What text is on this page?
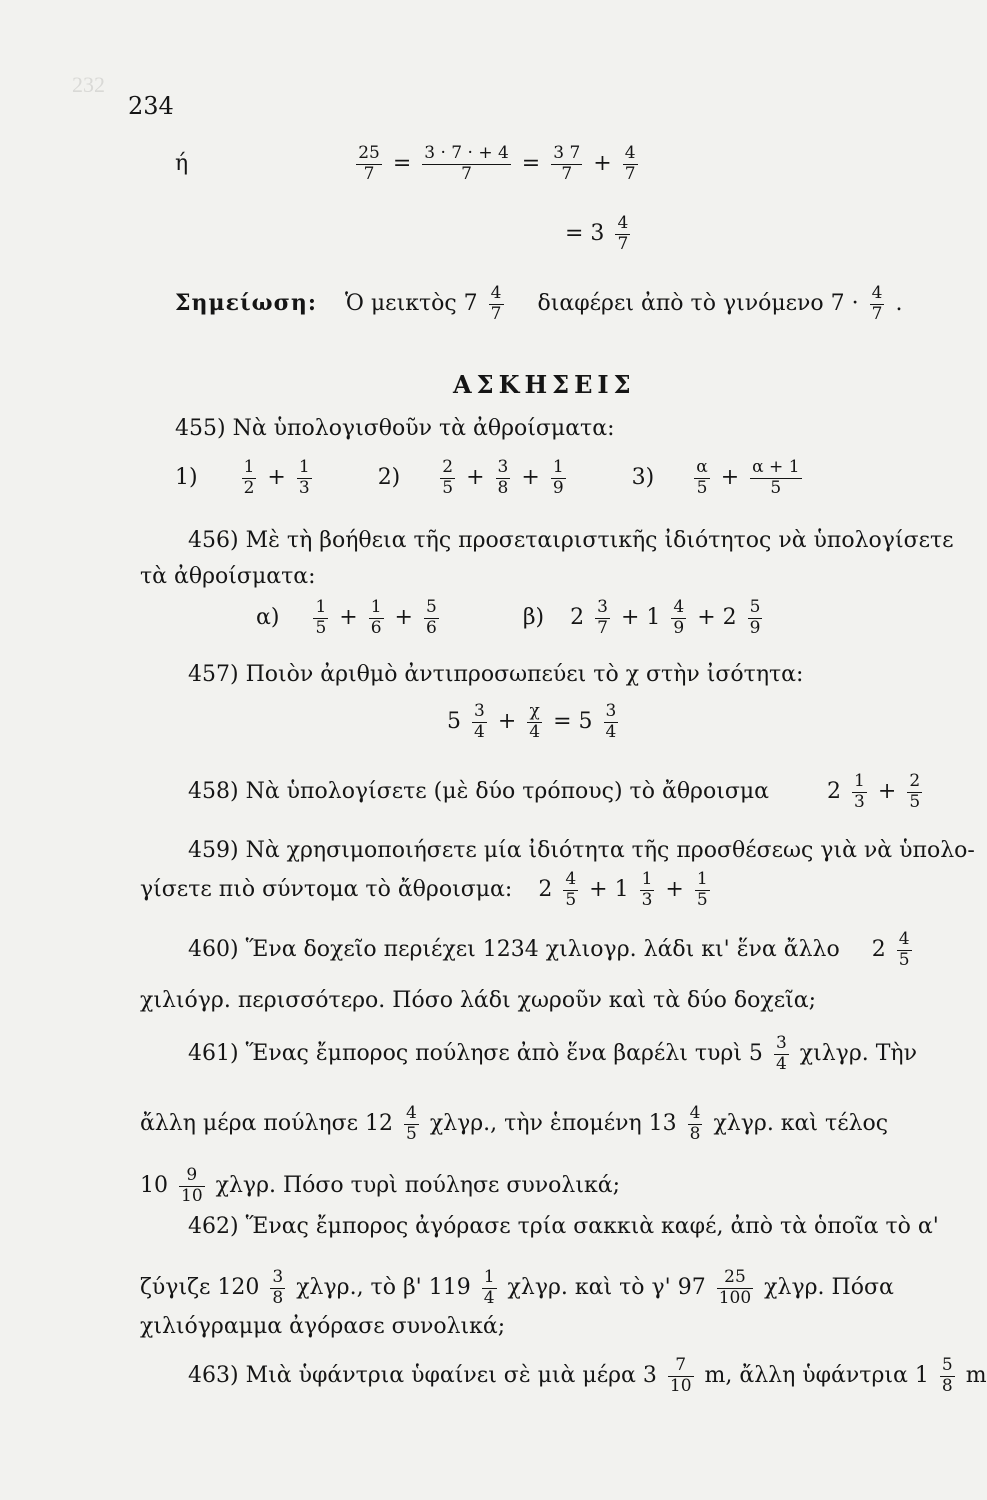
232
234
ή	$\frac{25}{7} = \frac{3 \cdot 7 \cdot + 4}{7} = \frac{3 7}{7} + \frac{4}{7}$
= $3 \frac{4}{7}$
Σημείωση: Ὁ μεικτὸς $7 \frac{4}{7}$ διαφέρει ἀπὸ τὸ γινόμενο $7 \cdot \frac{4}{7}$ .
ΑΣΚΗΣΕΙΣ
455) Νὰ ὑπολογισθοῦν τὰ ἀθροίσματα:
1)	$\frac{1}{2} + \frac{1}{3}$	$2) \frac{2}{5} + \frac{3}{8} + \frac{1}{9}$	$3) \frac{\alpha}{5} + \frac{\alpha + 1}{5}$
456) Μὲ τὴ βοήθεια τῆς προσεταιριστικῆς ἰδιότητος νὰ ὑπολογίσετε
τὰ ἀθροίσματα:
$\alpha) \frac{1}{5} + \frac{1}{6} + \frac{5}{6}$	β) $2 \frac{3}{7} + 1 \frac{4}{9} + 2 \frac{5}{9}$
457) Ποιὸν ἀριθμὸ ἀντιπροσωπεύει τὸ χ στὴν ἰσότητα:
$5 \frac{3}{4} + \frac{\chi}{4} = 5 \frac{3}{4}$
458) Νὰ ὑπολογίσετε (μὲ δύο τρόπους) τὸ ἄθροισμα	$2 \frac{1}{3} + \frac{2}{5}$
459) Νὰ χρησιμοποιήσετε μία ἰδιότητα τῆς προσθέσεως γιὰ νὰ ὑπολο-
γίσετε πιὸ σύντομα τὸ ἄθροισμα: $2 \frac{4}{5} + 1 \frac{1}{3} + \frac{1}{5}$
460) Ἕνα δοχεῖο περιέχει 1234 χιλιογρ. λάδι κι' ἕνα ἄλλο $2 \frac{4}{5}$
χιλιόγρ. περισσότερο. Πόσο λάδι χωροῦν καὶ τὰ δύο δοχεῖα;
461) Ἕνας ἔμπορος πούλησε ἀπὸ ἕνα βαρέλι τυρὶ $5 \frac{3}{4} \chi\iota\lambda\gamma\rho$. Τὴν
ἄλλη μέρα πούλησε $12 \frac{4}{5} \chi\lambda\gamma\rho$., τὴν ἑπομένη $13 \frac{4}{8} \chi\lambda\gamma\rho$. καὶ τέλος
$10 \frac{9}{10} \chi\lambda\gamma\rho$. Πόσο τυρὶ πούλησε συνολικά;
462) Ἕνας ἔμπορος ἀγόρασε τρία σακκιὰ καφέ, ἀπὸ τὰ ὁποῖα τὸ α'
ζύγιζε $120 \frac{3}{8} \chi\lambda\gamma\rho$., τὸ β' $119 \frac{1}{4} \chi\lambda\gamma\rho$. καὶ τὸ γ' $97 \frac{25}{100} \chi\lambda\gamma\rho$. Πόσα
χιλιόγραμμα ἀγόρασε συνολικά;
463) Μιὰ ὑφάντρια ὑφαίνει σὲ μιὰ μέρα $3 \frac{7}{10} m$, ἄλλη ὑφάντρια $1 \frac{5}{8}$ m
